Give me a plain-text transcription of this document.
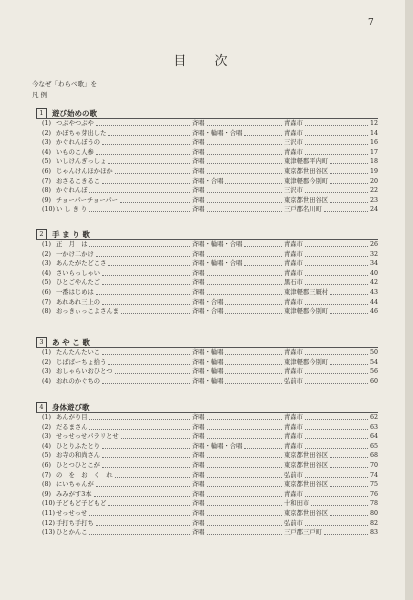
7
目 次
今なぜ「わらべ歌」を
凡 例
1	遊び始めの歌
(1) つぶやつぶや	斉唱	青森市	12
(2) かぼちゃ芽出した	斉唱・輪唱・合唱	青森市	14
(3) かぐれんぼうの	斉唱	三沢市	16
(4) いものこ人参	斉唱	青森市	17
(5) いしけんぎっしょ	斉唱	東津軽郡平内町	18
(6) じゃんけんほかほか	斉唱	東京都世田谷区	19
(7) おさるこきるこ	斉唱・合唱	東津軽郡今別町	20
(8) かぐれんぼ	斉唱	三沢市	22
(9) チョーパーチョーパー	斉唱	東京都世田谷区	23
(10) い し き り	斉唱	三戸郡名川町	24
2	手 ま り 歌
(1) 正　月　は	斉唱・輪唱・合唱	青森市	26
(2) 一かけ二かけ	斉唱	青森市	32
(3) あんたがたどこさ	斉唱・輪唱・合唱	青森市	34
(4) さいらっしゃい	斉唱	青森市	40
(5) ひとごやんたご	斉唱	黒石市	42
(6) 一番はじめは	斉唱	東津軽郡三厩村	43
(7) あれあれ三上の	斉唱・合唱	青森市	44
(8) おっきぃっこよさんま	斉唱・合唱	東津軽郡今別町	46
3	あ や こ 歌
(1) たんたんたいこ	斉唱・輪唱	青森市	50
(2) じばばーちょ拾う	斉唱・輪唱	東津軽郡今別町	54
(3) おしゃらいおひとつ	斉唱・輪唱	青森市	56
(4) おれのかぐちの	斉唱・輪唱	弘前市	60
4	身体遊び歌
(1) あんがり目	斉唱	青森市	62
(2) だるまさん	斉唱	青森市	63
(3) せっせっせパラリとせ	斉唱	青森市	64
(4) ひとりふたとり	斉唱・輪唱・合唱	青森市	65
(5) お寺の和尚さん	斉唱	東京都世田谷区	68
(6) ひとつひとこが	斉唱	東京都世田谷区	70
(7) の　を　お　く　れ	斉唱	弘前市	74
(8) にいちゃんが	斉唱	東京都世田谷区	75
(9) みみがす3本	斉唱	青森市	76
(10) 子どもど子どもど	斉唱	十和田市	78
(11) せっせっせ	斉唱	東京都世田谷区	80
(12) 手打ち手打ち	斉唱	弘前市	82
(13) ひとかんこ	斉唱	三戸郡三戸町	83
